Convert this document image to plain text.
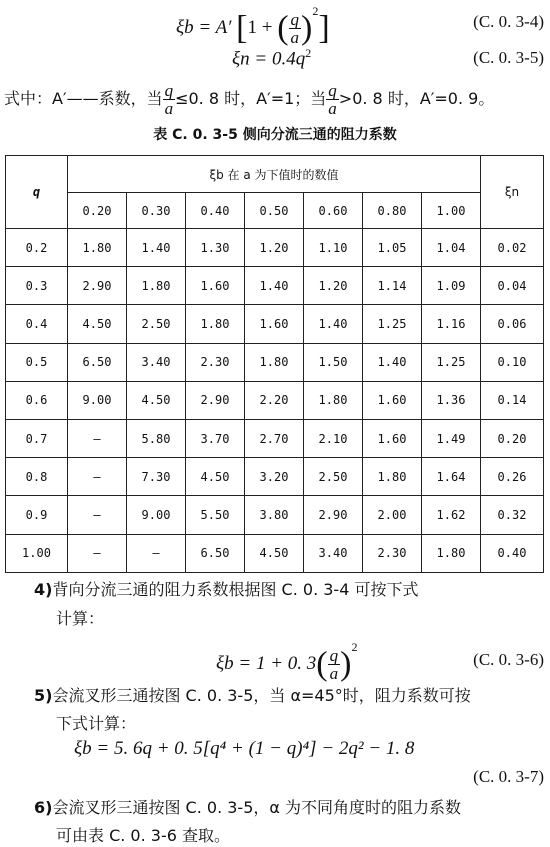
ξb = A′ [1 + ( $\frac{q}{a} )^2$]	(C. 0. 3-4)
$\xi n = 0.4q^2$	(C. 0. 3-5)
式中：A′——系数，当 $\frac{q}{a} \le 0$. 8 时，A′=1；当 $\frac{q}{a} >0$. 8 时，A′=0. 9。
表 C. 0. 3-5 侧向分流三通的阻力系数
q	ξb 在 a 为下值时的数值							ξn
	0.20	0.30	0.40	0.50	0.60	0.80	1.00	
0.2	1.80	1.40	1.30	1.20	1.10	1.05	1.04	0.02
0.3	2.90	1.80	1.60	1.40	1.20	1.14	1.09	0.04
0.4	4.50	2.50	1.80	1.60	1.40	1.25	1.16	0.06
0.5	6.50	3.40	2.30	1.80	1.50	1.40	1.25	0.10
0.6	9.00	4.50	2.90	2.20	1.80	1.60	1.36	0.14
0.7	—	5.80	3.70	2.70	2.10	1.60	1.49	0.20
0.8	—	7.30	4.50	3.20	2.50	1.80	1.64	0.26
0.9	—	9.00	5.50	3.80	2.90	2.00	1.62	0.32
1.00	—	—	6.50	4.50	3.40	2.30	1.80	0.40
4)背向分流三通的阻力系数根据图 C. 0. 3-4 可按下式
计算：
ξb = 1 + 0. $3( \frac{q}{a} )^2$
(C. 0. 3-6)
5)会流叉形三通按图 C. 0. 3-5，当 α=45°时，阻力系数可按
下式计算：
ξb = 5. 6q + 0. 5[q⁴ + (1 − q)⁴] − 2q² − 1. 8
(C. 0. 3-7)
6)会流叉形三通按图 C. 0. 3-5，α 为不同角度时的阻力系数
可由表 C. 0. 3-6 查取。
